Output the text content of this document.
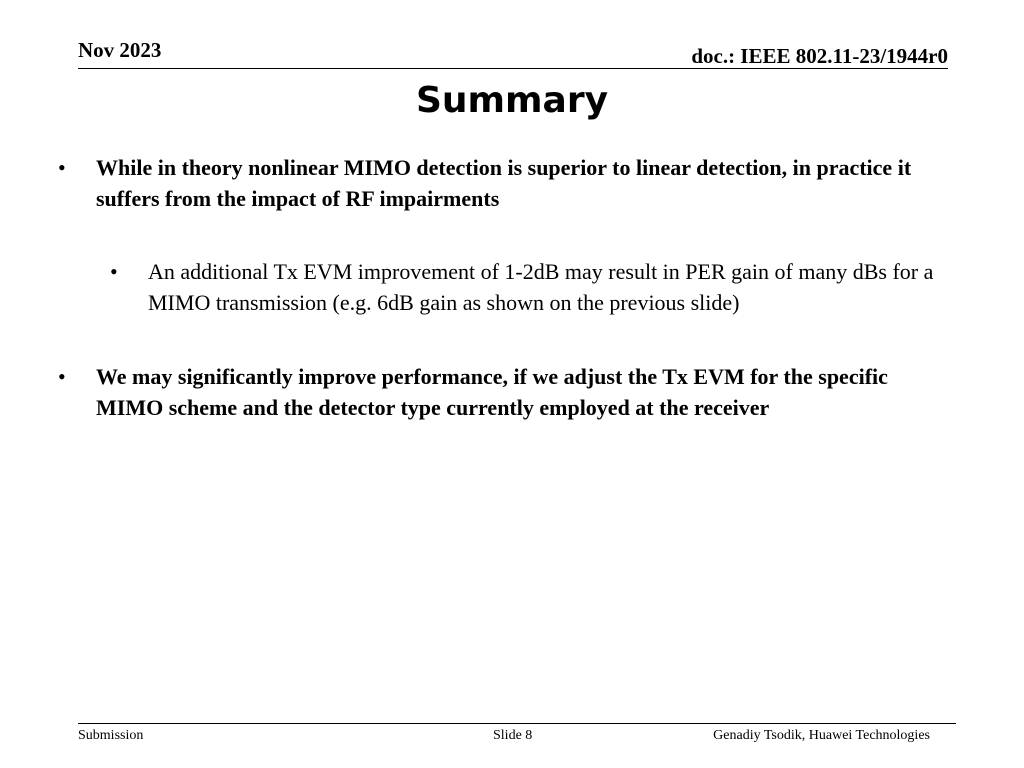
Nov 2023	doc.: IEEE 802.11-23/1944r0
Summary
• While in theory nonlinear MIMO detection is superior to linear detection, in practice it suffers from the impact of RF impairments
• An additional Tx EVM improvement of 1-2dB may result in PER gain of many dBs for a MIMO transmission (e.g. 6dB gain as shown on the previous slide)
• We may significantly improve performance, if we adjust the Tx EVM for the specific MIMO scheme and the detector type currently employed at the receiver
Submission	Slide 8	Genadiy Tsodik, Huawei Technologies
